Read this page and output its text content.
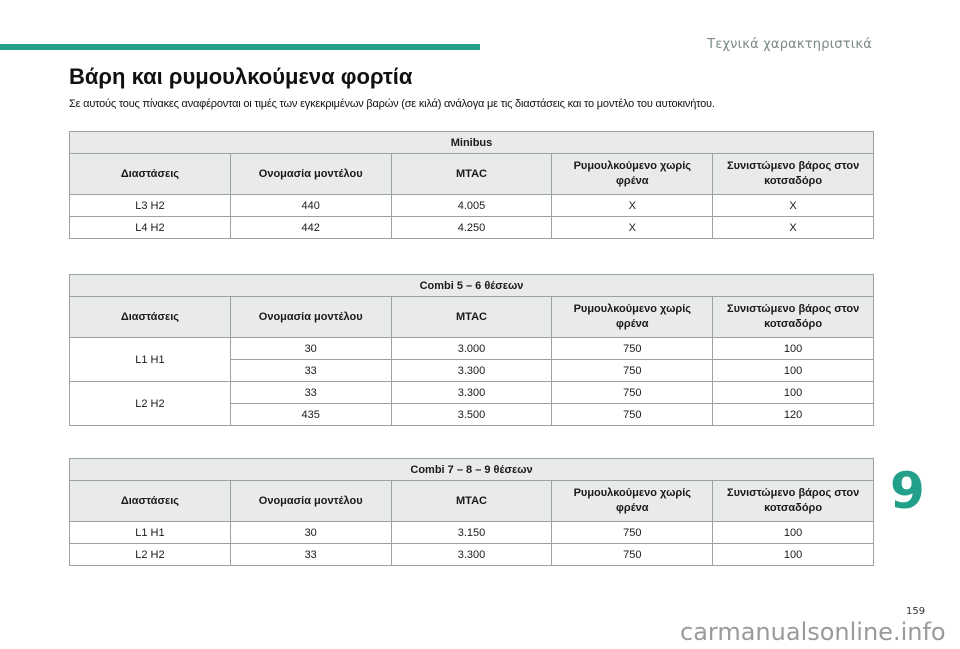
Τεχνικά χαρακτηριστικά
Βάρη και ρυμουλκούμενα φορτία
Σε αυτούς τους πίνακες αναφέρονται οι τιμές των εγκεκριμένων βαρών (σε κιλά) ανάλογα με τις διαστάσεις και το μοντέλο του αυτοκινήτου.
Minibus				
Διαστάσεις	Ονομασία μοντέλου	MTAC	Ρυμουλκούμενο χωρίς φρένα	Συνιστώμενο βάρος στον κοτσαδόρο
L3 H2	440	4.005	X	X
L4 H2	442	4.250	X	X
Combi 5 – 6 θέσεων				
Διαστάσεις	Ονομασία μοντέλου	MTAC	Ρυμουλκούμενο χωρίς φρένα	Συνιστώμενο βάρος στον κοτσαδόρο
L1 H1	30	3.000	750	100
	33	3.300	750	100
L2 H2	33	3.300	750	100
	435	3.500	750	120
Combi 7 – 8 – 9 θέσεων				
Διαστάσεις	Ονομασία μοντέλου	MTAC	Ρυμουλκούμενο χωρίς φρένα	Συνιστώμενο βάρος στον κοτσαδόρο
L1 H1	30	3.150	750	100
L2 H2	33	3.300	750	100
9
159
carmanualsonline.info
